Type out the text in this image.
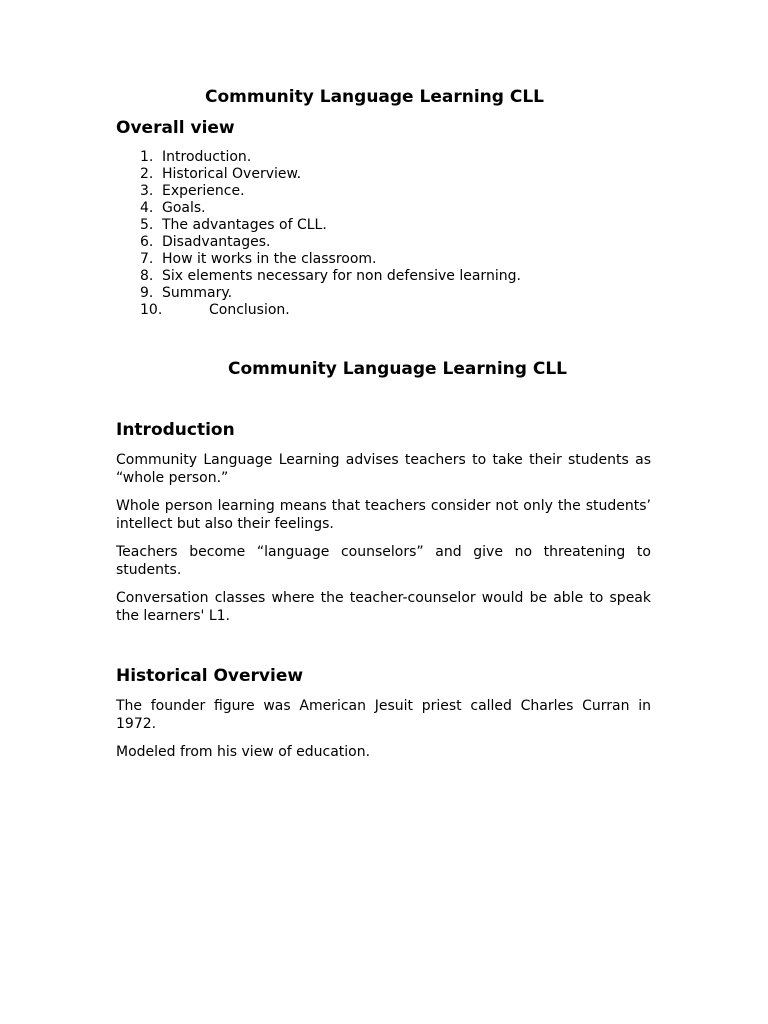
Community Language Learning CLL
Overall view
1. Introduction.
2. Historical Overview.
3. Experience.
4. Goals.
5. The advantages of CLL.
6. Disadvantages.
7. How it works in the classroom.
8. Six elements necessary for non defensive learning.
9. Summary.
10.	Conclusion.
Community Language Learning CLL
Introduction

Community Language Learning advises teachers to take their students as “whole person.”

Whole person learning means that teachers consider not only the students’ intellect but also their feelings.

Teachers become “language counselors” and give no threatening to students.

Conversation classes where the teacher-counselor would be able to speak the learners' L1.

Historical Overview

The founder figure was American Jesuit priest called Charles Curran in 1972.

Modeled from his view of education.
